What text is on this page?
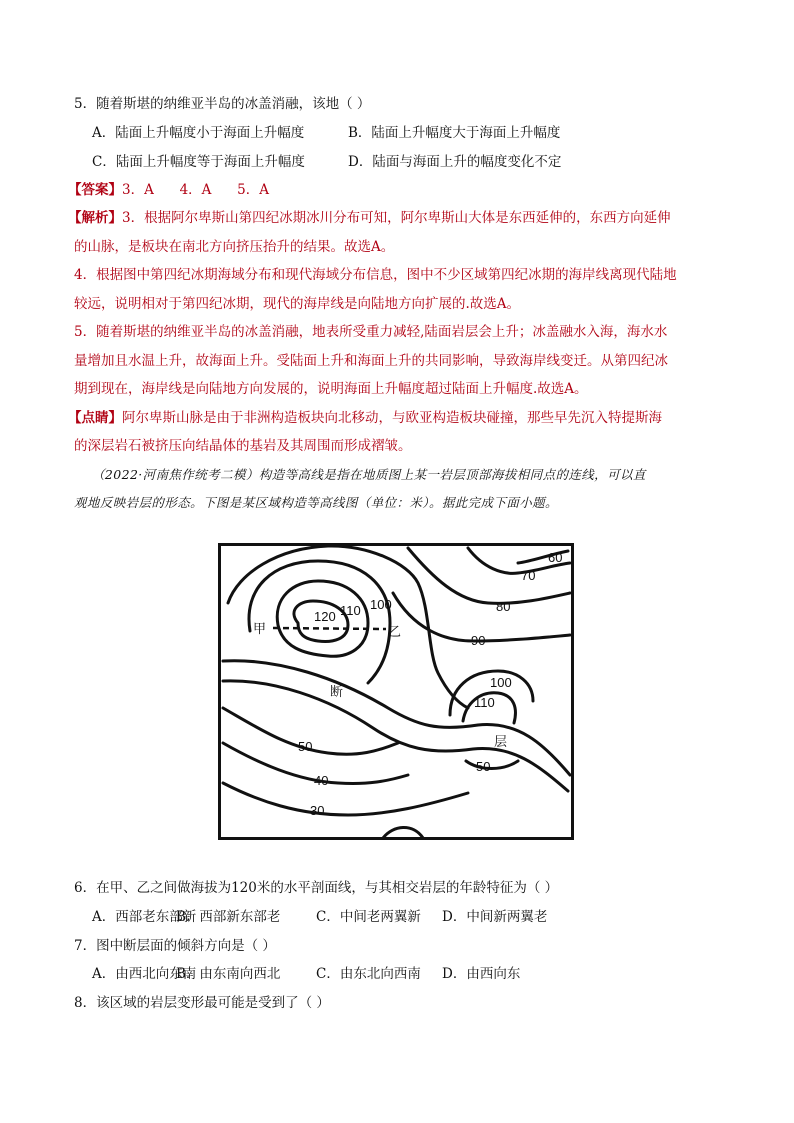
5．随着斯堪的纳维亚半岛的冰盖消融，该地（ ）
A．陆面上升幅度小于海面上升幅度	B．陆面上升幅度大于海面上升幅度
C．陆面上升幅度等于海面上升幅度	D．陆面与海面上升的幅度变化不定
【答案】3．A      4．A      5．A
【解析】3．根据阿尔卑斯山第四纪冰期冰川分布可知，阿尔卑斯山大体是东西延伸的，东西方向延伸
的山脉，是板块在南北方向挤压抬升的结果。故选A。
4．根据图中第四纪冰期海域分布和现代海域分布信息，图中不少区域第四纪冰期的海岸线离现代陆地
较远，说明相对于第四纪冰期，现代的海岸线是向陆地方向扩展的.故选A。
5．随着斯堪的纳维亚半岛的冰盖消融，地表所受重力减轻,陆面岩层会上升；冰盖融水入海，海水水
量增加且水温上升，故海面上升。受陆面上升和海面上升的共同影响，导致海岸线变迁。从第四纪冰
期到现在，海岸线是向陆地方向发展的，说明海面上升幅度超过陆面上升幅度.故选A。
【点睛】阿尔卑斯山脉是由于非洲构造板块向北移动，与欧亚构造板块碰撞，那些早先沉入特提斯海
的深层岩石被挤压向结晶体的基岩及其周围而形成褶皱。
（2022·河南焦作统考二模）构造等高线是指在地质图上某一岩层顶部海拔相同点的连线，可以直
观地反映岩层的形态。下图是某区域构造等高线图（单位：米）。据此完成下面小题。
甲	乙
120 110 100
90
80
70
60
100
110
50
50
40
30
断
层
6．在甲、乙之间做海拔为120米的水平剖面线，与其相交岩层的年龄特征为（ ）
A．西部老东部新B．西部新东部老	C．中间老两翼新 D．中间新两翼老
7．图中断层面的倾斜方向是（ ）
A．由西北向东南B．由东南向西北	C．由东北向西南 D．由西向东
8．该区域的岩层变形最可能是受到了（ ）
